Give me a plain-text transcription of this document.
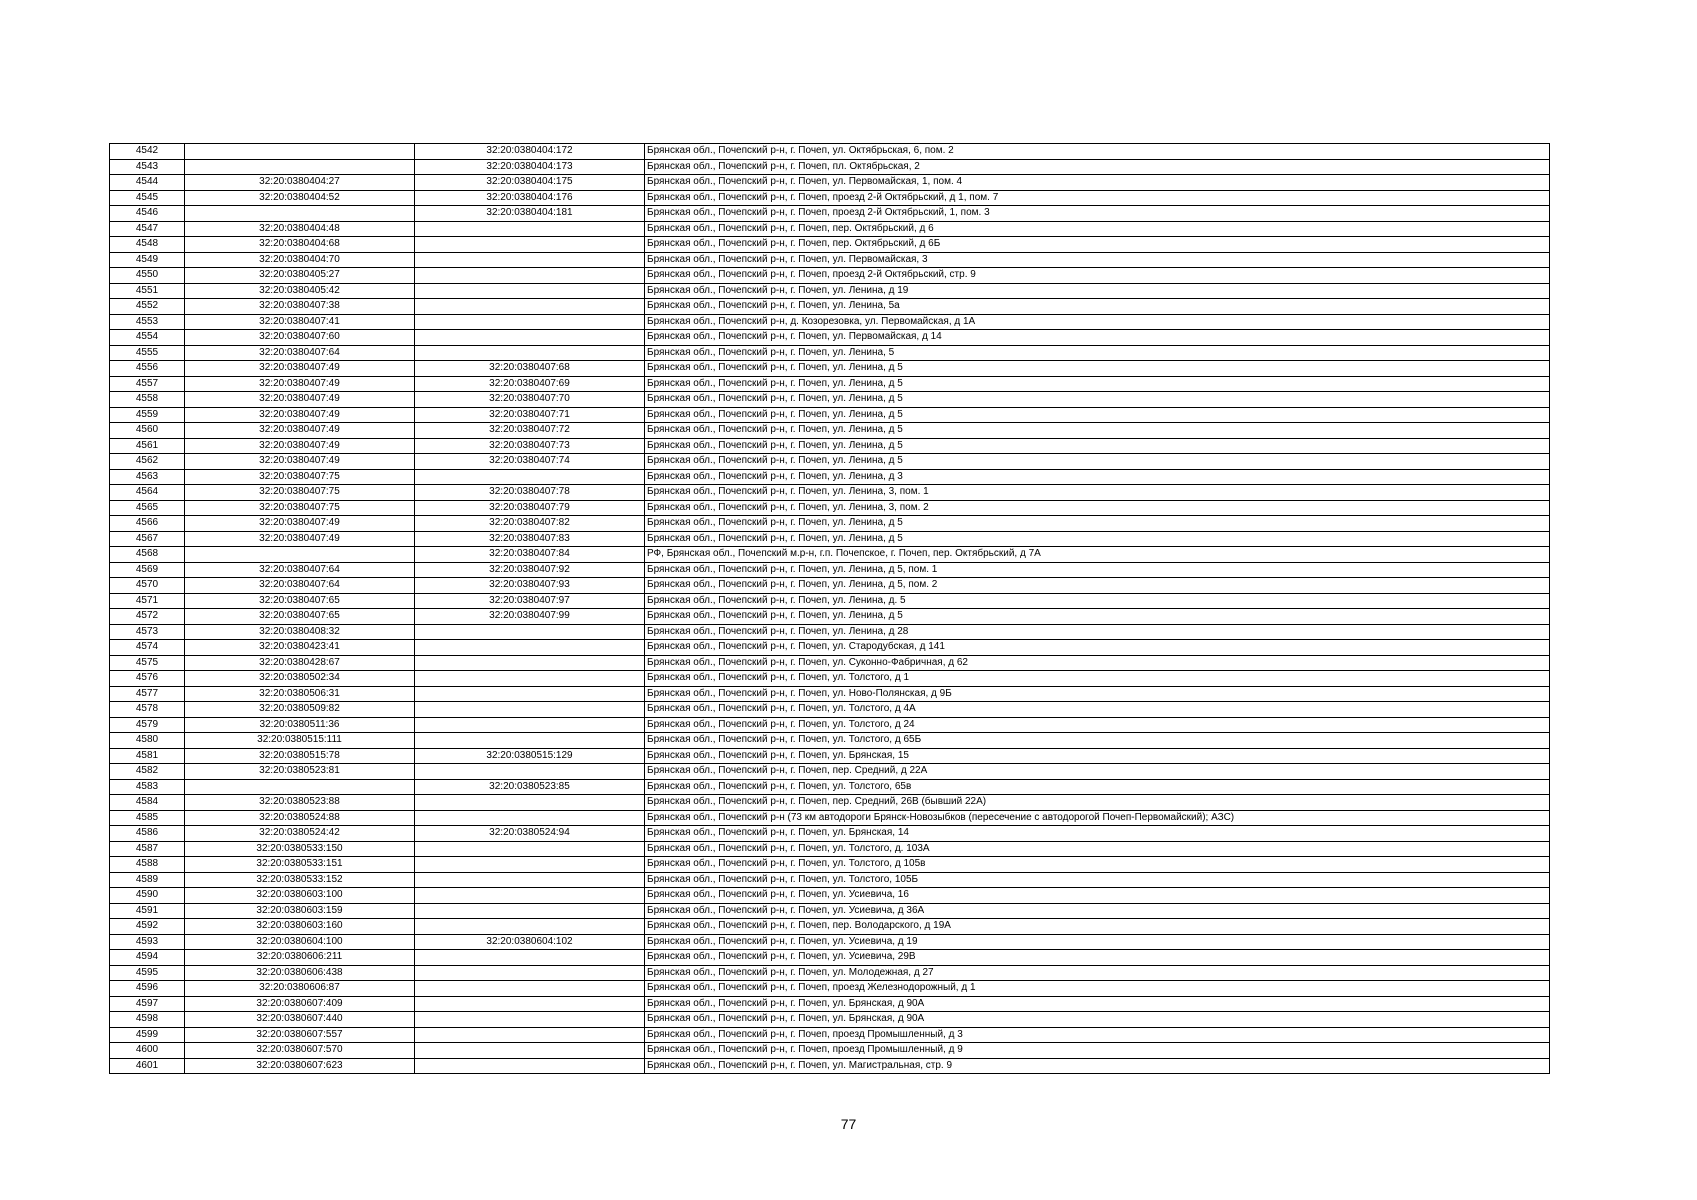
4542		32:20:0380404:172	Брянская обл., Почепский р-н, г. Почеп, ул. Октябрьская, 6, пом. 2
4543		32:20:0380404:173	Брянская обл., Почепский р-н, г. Почеп, пл. Октябрьская, 2
4544	32:20:0380404:27	32:20:0380404:175	Брянская обл., Почепский р-н, г. Почеп, ул. Первомайская, 1, пом. 4
4545	32:20:0380404:52	32:20:0380404:176	Брянская обл., Почепский р-н, г. Почеп, проезд 2-й Октябрьский, д 1, пом. 7
4546		32:20:0380404:181	Брянская обл., Почепский р-н, г. Почеп, проезд 2-й Октябрьский, 1, пом. 3
4547	32:20:0380404:48		Брянская обл., Почепский р-н, г. Почеп, пер. Октябрьский, д 6
4548	32:20:0380404:68		Брянская обл., Почепский р-н, г. Почеп, пер. Октябрьский, д 6Б
4549	32:20:0380404:70		Брянская обл., Почепский р-н, г. Почеп, ул. Первомайская, 3
4550	32:20:0380405:27		Брянская обл., Почепский р-н, г. Почеп, проезд 2-й Октябрьский, стр. 9
4551	32:20:0380405:42		Брянская обл., Почепский р-н, г. Почеп, ул. Ленина, д 19
4552	32:20:0380407:38		Брянская обл., Почепский р-н, г. Почеп, ул. Ленина, 5а
4553	32:20:0380407:41		Брянская обл., Почепский р-н, д. Козорезовка, ул. Первомайская, д 1А
4554	32:20:0380407:60		Брянская обл., Почепский р-н, г. Почеп, ул. Первомайская, д 14
4555	32:20:0380407:64		Брянская обл., Почепский р-н, г. Почеп, ул. Ленина, 5
4556	32:20:0380407:49	32:20:0380407:68	Брянская обл., Почепский р-н, г. Почеп, ул. Ленина, д 5
4557	32:20:0380407:49	32:20:0380407:69	Брянская обл., Почепский р-н, г. Почеп, ул. Ленина, д 5
4558	32:20:0380407:49	32:20:0380407:70	Брянская обл., Почепский р-н, г. Почеп, ул. Ленина, д 5
4559	32:20:0380407:49	32:20:0380407:71	Брянская обл., Почепский р-н, г. Почеп, ул. Ленина, д 5
4560	32:20:0380407:49	32:20:0380407:72	Брянская обл., Почепский р-н, г. Почеп, ул. Ленина, д 5
4561	32:20:0380407:49	32:20:0380407:73	Брянская обл., Почепский р-н, г. Почеп, ул. Ленина, д 5
4562	32:20:0380407:49	32:20:0380407:74	Брянская обл., Почепский р-н, г. Почеп, ул. Ленина, д 5
4563	32:20:0380407:75		Брянская обл., Почепский р-н, г. Почеп, ул. Ленина, д 3
4564	32:20:0380407:75	32:20:0380407:78	Брянская обл., Почепский р-н, г. Почеп, ул. Ленина, 3, пом. 1
4565	32:20:0380407:75	32:20:0380407:79	Брянская обл., Почепский р-н, г. Почеп, ул. Ленина, 3, пом. 2
4566	32:20:0380407:49	32:20:0380407:82	Брянская обл., Почепский р-н, г. Почеп, ул. Ленина, д 5
4567	32:20:0380407:49	32:20:0380407:83	Брянская обл., Почепский р-н, г. Почеп, ул. Ленина, д 5
4568		32:20:0380407:84	РФ, Брянская обл., Почепский м.р-н, г.п. Почепское, г. Почеп, пер. Октябрьский, д 7А
4569	32:20:0380407:64	32:20:0380407:92	Брянская обл., Почепский р-н, г. Почеп, ул. Ленина, д 5, пом. 1
4570	32:20:0380407:64	32:20:0380407:93	Брянская обл., Почепский р-н, г. Почеп, ул. Ленина, д 5, пом. 2
4571	32:20:0380407:65	32:20:0380407:97	Брянская обл., Почепский р-н, г. Почеп, ул. Ленина, д. 5
4572	32:20:0380407:65	32:20:0380407:99	Брянская обл., Почепский р-н, г. Почеп, ул. Ленина, д 5
4573	32:20:0380408:32		Брянская обл., Почепский р-н, г. Почеп, ул. Ленина, д 28
4574	32:20:0380423:41		Брянская обл., Почепский р-н, г. Почеп, ул. Стародубская, д 141
4575	32:20:0380428:67		Брянская обл., Почепский р-н, г. Почеп, ул. Суконно-Фабричная, д 62
4576	32:20:0380502:34		Брянская обл., Почепский р-н, г. Почеп, ул. Толстого, д 1
4577	32:20:0380506:31		Брянская обл., Почепский р-н, г. Почеп, ул. Ново-Полянская, д 9Б
4578	32:20:0380509:82		Брянская обл., Почепский р-н, г. Почеп, ул. Толстого, д 4А
4579	32:20:0380511:36		Брянская обл., Почепский р-н, г. Почеп, ул. Толстого, д 24
4580	32:20:0380515:111		Брянская обл., Почепский р-н, г. Почеп, ул. Толстого, д 65Б
4581	32:20:0380515:78	32:20:0380515:129	Брянская обл., Почепский р-н, г. Почеп, ул. Брянская, 15
4582	32:20:0380523:81		Брянская обл., Почепский р-н, г. Почеп, пер. Средний, д 22А
4583		32:20:0380523:85	Брянская обл., Почепский р-н, г. Почеп, ул. Толстого, 65в
4584	32:20:0380523:88		Брянская обл., Почепский р-н, г. Почеп, пер. Средний, 26В (бывший 22А)
4585	32:20:0380524:88		Брянская обл., Почепский р-н (73 км автодороги Брянск-Новозыбков (пересечение с автодорогой Почеп-Первомайский); АЗС)
4586	32:20:0380524:42	32:20:0380524:94	Брянская обл., Почепский р-н, г. Почеп, ул. Брянская, 14
4587	32:20:0380533:150		Брянская обл., Почепский р-н, г. Почеп, ул. Толстого, д. 103А
4588	32:20:0380533:151		Брянская обл., Почепский р-н, г. Почеп, ул. Толстого, д 105в
4589	32:20:0380533:152		Брянская обл., Почепский р-н, г. Почеп, ул. Толстого, 105Б
4590	32:20:0380603:100		Брянская обл., Почепский р-н, г. Почеп, ул. Усиевича, 16
4591	32:20:0380603:159		Брянская обл., Почепский р-н, г. Почеп, ул. Усиевича, д 36А
4592	32:20:0380603:160		Брянская обл., Почепский р-н, г. Почеп, пер. Володарского, д 19А
4593	32:20:0380604:100	32:20:0380604:102	Брянская обл., Почепский р-н, г. Почеп, ул. Усиевича, д 19
4594	32:20:0380606:211		Брянская обл., Почепский р-н, г. Почеп, ул. Усиевича, 29В
4595	32:20:0380606:438		Брянская обл., Почепский р-н, г. Почеп, ул. Молодежная, д 27
4596	32:20:0380606:87		Брянская обл., Почепский р-н, г. Почеп, проезд Железнодорожный, д 1
4597	32:20:0380607:409		Брянская обл., Почепский р-н, г. Почеп, ул. Брянская, д 90А
4598	32:20:0380607:440		Брянская обл., Почепский р-н, г. Почеп, ул. Брянская, д 90А
4599	32:20:0380607:557		Брянская обл., Почепский р-н, г. Почеп, проезд Промышленный, д 3
4600	32:20:0380607:570		Брянская обл., Почепский р-н, г. Почеп, проезд Промышленный, д 9
4601	32:20:0380607:623		Брянская обл., Почепский р-н, г. Почеп, ул. Магистральная, стр. 9
77
